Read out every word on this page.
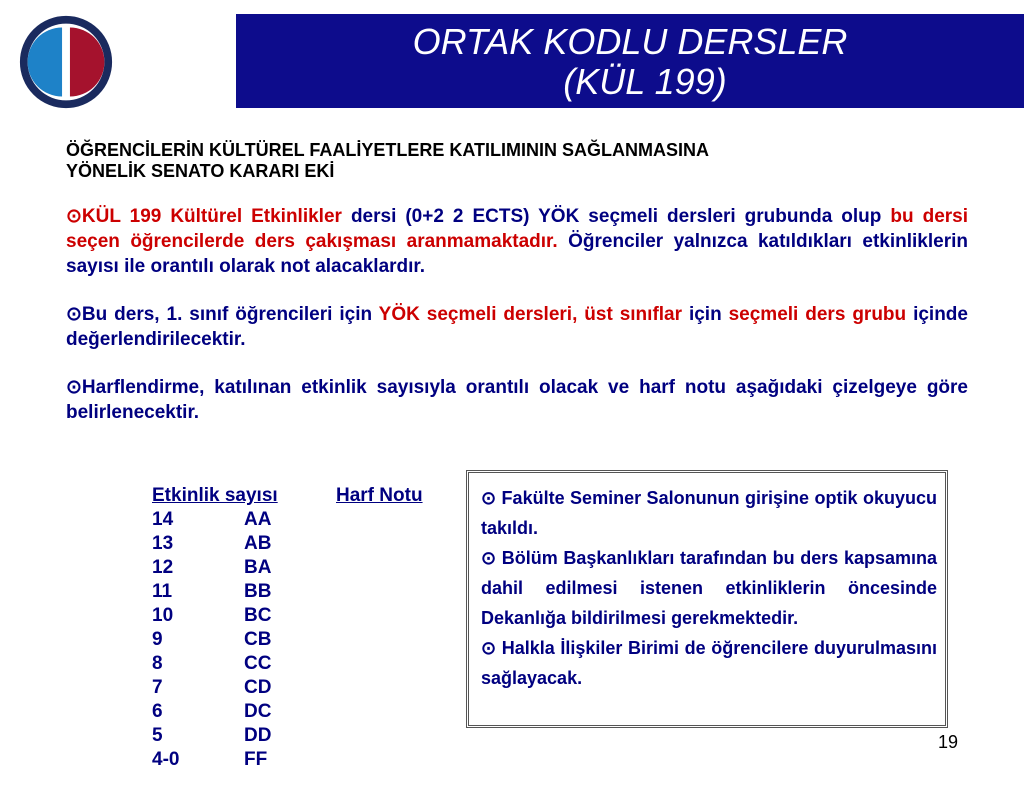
ORTAK KODLU DERSLER
(KÜL 199)
ÖĞRENCİLERİN KÜLTÜREL FAALİYETLERE KATILIMININ SAĞLANMASINA
YÖNELİK SENATO KARARI EKİ

⊙KÜL 199 Kültürel Etkinlikler dersi (0+2 2 ECTS) YÖK seçmeli dersleri grubunda olup bu dersi seçen öğrencilerde ders çakışması aranmamaktadır. Öğrenciler yalnızca katıldıkları etkinliklerin sayısı ile orantılı olarak not alacaklardır.

⊙Bu ders, 1. sınıf öğrencileri için YÖK seçmeli dersleri, üst sınıflar için seçmeli ders grubu içinde değerlendirilecektir.

⊙Harflendirme, katılınan etkinlik sayısıyla orantılı olacak ve harf notu aşağıdaki çizelgeye göre belirlenecektir.

Etkinlik sayısı	Harf Notu
14	AA
13	AB
12	BA
11	BB
10	BC
9	CB
8	CC
7	CD
6	DC
5	DD
4-0	FF

⊙ Fakülte Seminer Salonunun girişine optik okuyucu takıldı.

⊙ Bölüm Başkanlıkları tarafından bu ders kapsamına dahil edilmesi istenen etkinliklerin öncesinde Dekanlığa bildirilmesi gerekmektedir.

⊙ Halkla İlişkiler Birimi de öğrencilere duyurulmasını sağlayacak.

19
